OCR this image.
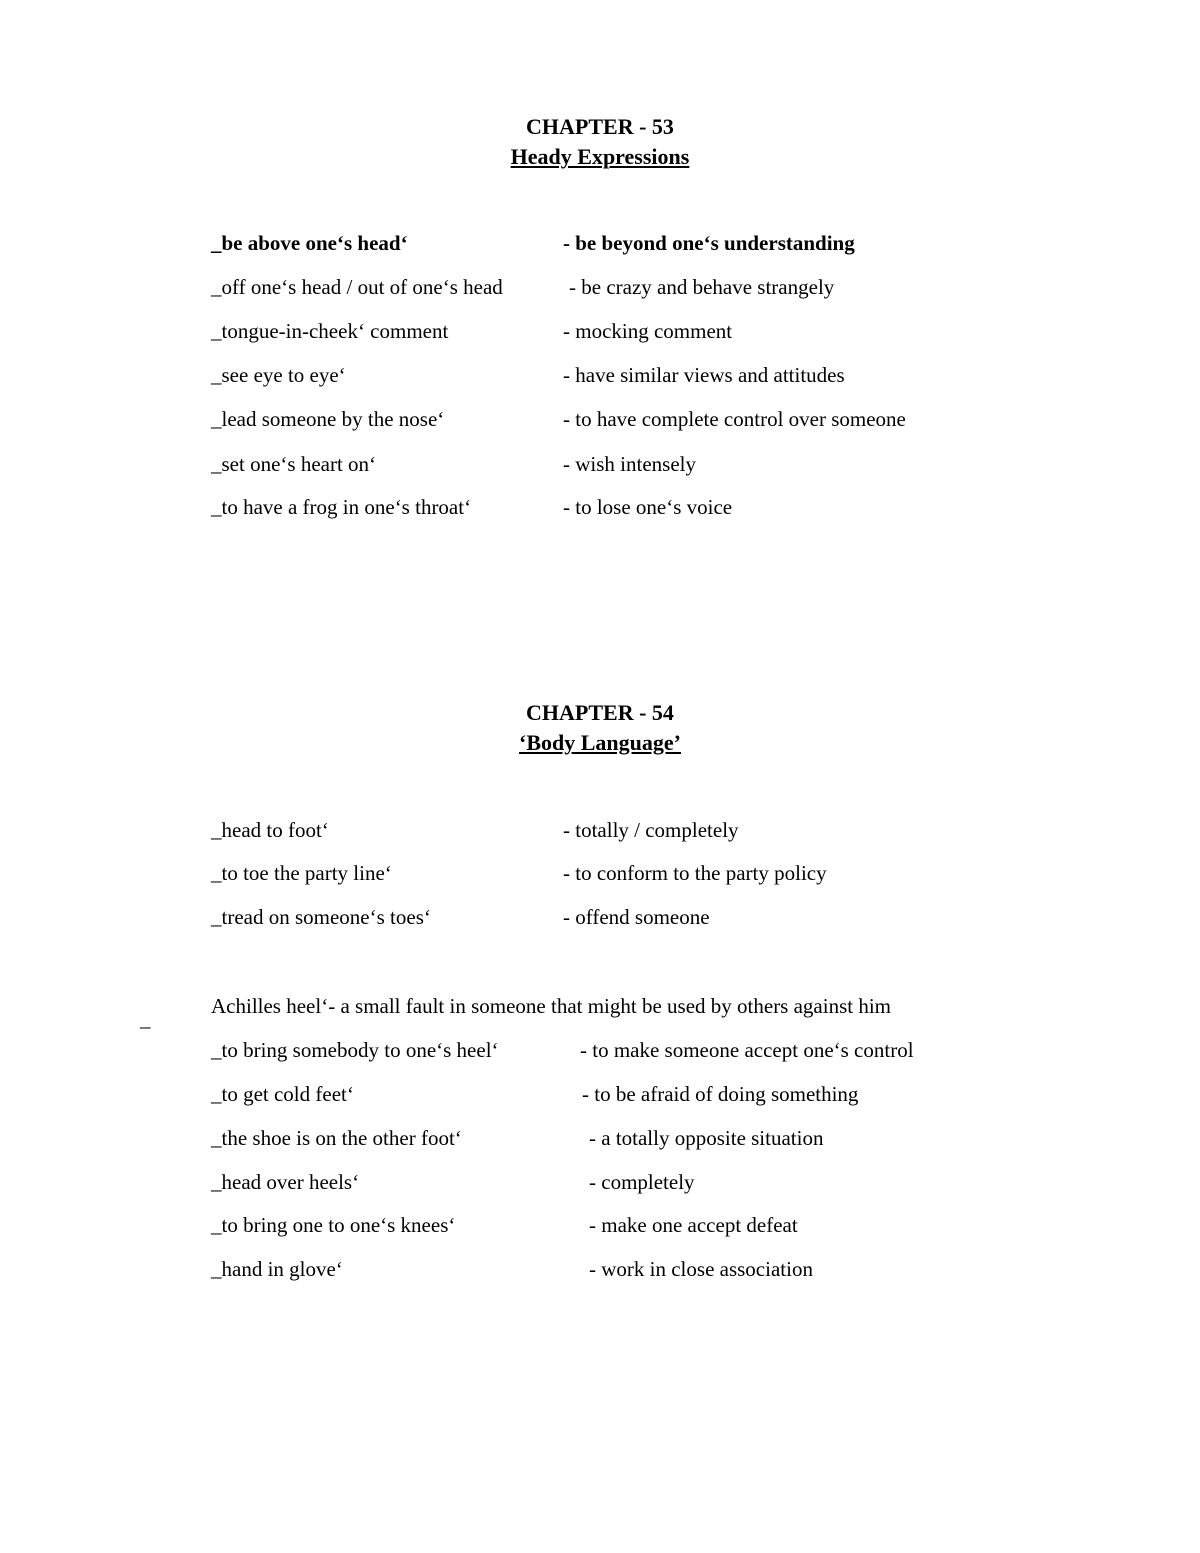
CHAPTER - 53
Heady Expressions
_be above one‘s head‘	- be beyond one‘s understanding
_off one‘s head / out of one‘s head	- be crazy and behave strangely
_tongue-in-cheek‘ comment	- mocking comment
_see eye to eye‘	- have similar views and attitudes
_lead someone by the nose‘	- to have complete control over someone
_set one‘s heart on‘	- wish intensely
_to have a frog in one‘s throat‘	- to lose one‘s voice
CHAPTER - 54
‘Body Language’
_head to foot‘	- totally / completely
_to toe the party line‘	- to conform to the party policy
_tread on someone‘s toes‘	- offend someone
_
Achilles heel‘- a small fault in someone that might be used by others against him
_to bring somebody to one‘s heel‘	- to make someone accept one‘s control
_to get cold feet‘	- to be afraid of doing something
_the shoe is on the other foot‘	- a totally opposite situation
_head over heels‘	- completely
_to bring one to one‘s knees‘	- make one accept defeat
_hand in glove‘	- work in close association
